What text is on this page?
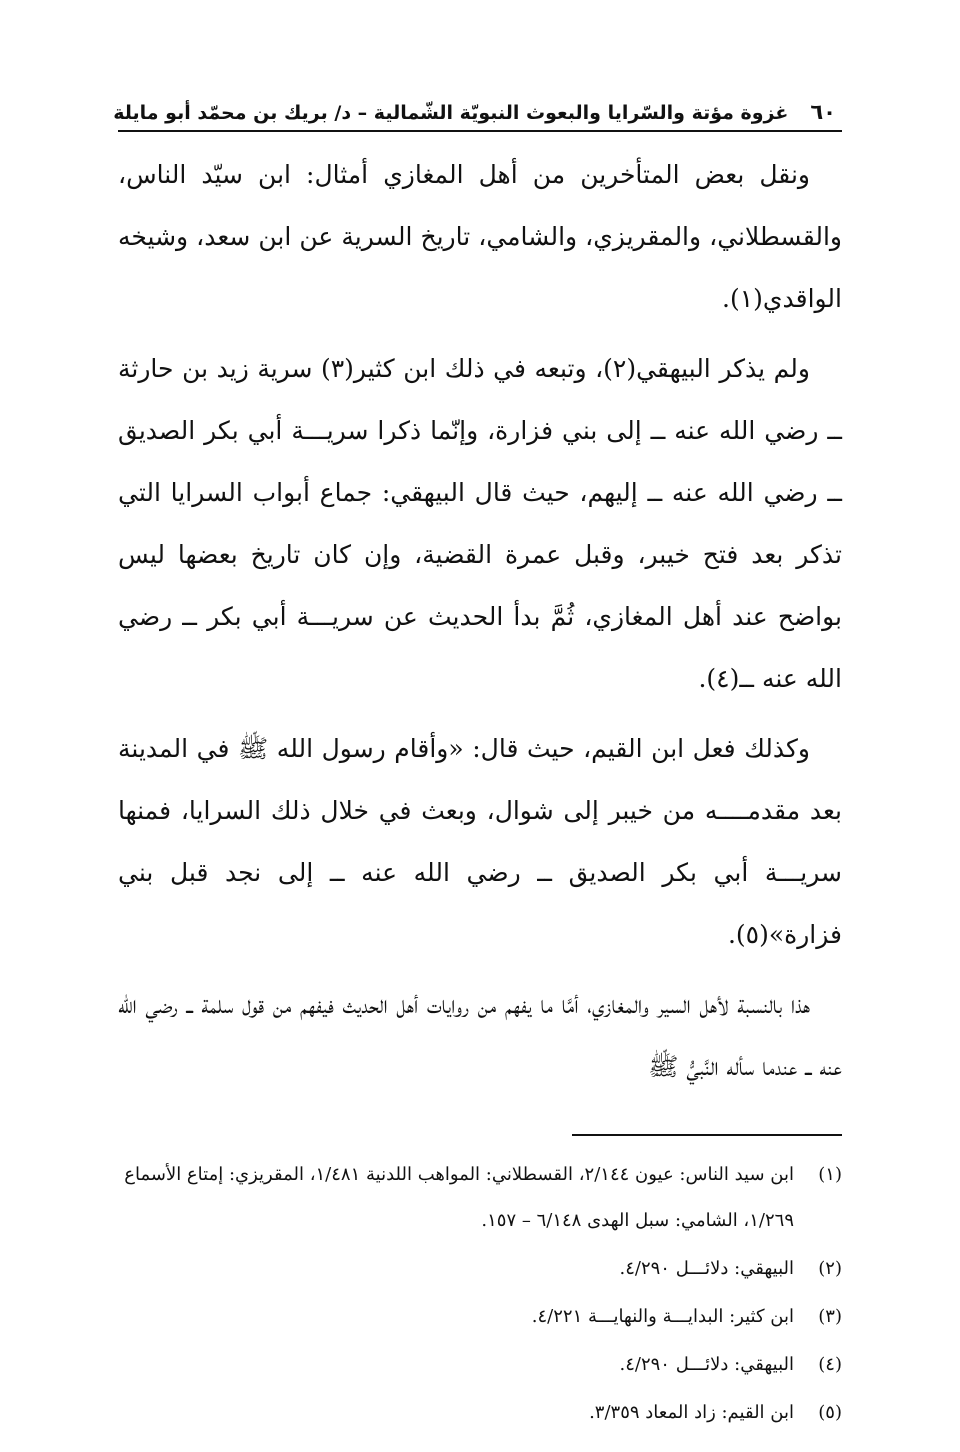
٦٠
غزوة مؤتة والسّرايا والبعوث النبويّة الشّمالية – د/ بريك بن محمّد أبو مايلة

ونقل بعض المتأخرين من أهل المغازي أمثال: ابن سيّد الناس، والقسطلاني، والمقريزي، والشامي، تاريخ السرية عن ابن سعد، وشيخه الواقدي(١).

ولم يذكر البيهقي(٢)، وتبعه في ذلك ابن كثير(٣) سرية زيد بن حارثة ــ رضي الله عنه ــ إلى بني فزارة، وإنّما ذكرا سريـــة أبي بكر الصديق ــ رضي الله عنه ــ إليهم، حيث قال البيهقي: جماع أبواب السرايا التي تذكر بعد فتح خيبر، وقبل عمرة القضية، وإن كان تاريخ بعضها ليس بواضح عند أهل المغازي، ثُمَّ بدأ الحديث عن سريـــة أبي بكر ــ رضي الله عنه ــ(٤).

وكذلك فعل ابن القيم، حيث قال: «وأقام رسول الله ﷺ في المدينة بعد مقدمــــه من خيبر إلى شوال، وبعث في خلال ذلك السرايا، فمنها سريـــة أبي بكر الصديق ــ رضي الله عنه ــ إلى نجد قبل بني فزارة»(٥).

هذا بالنسبة لأهل السير والمغازي، أمَّا ما يفهم من روايات أهل الحديث فيفهم من قول سلمة ــ رضي الله عنه ــ عندما سأله النَّبيُّ ﷺ

(١)
ابن سيد الناس: عيون ٢/١٤٤، القسطلاني: المواهب اللدنية ١/٤٨١، المقريزي: إمتاع الأسماع ١/٢٦٩، الشامي: سبل الهدى ٦/١٤٨ – ١٥٧.
(٢)
البيهقي: دلائـــل ٤/٢٩٠.
(٣)
ابن كثير: البدايـــة والنهايـــة ٤/٢٢١.
(٤)
البيهقي: دلائـــل ٤/٢٩٠.
(٥)
ابن القيم: زاد المعاد ٣/٣٥٩.
